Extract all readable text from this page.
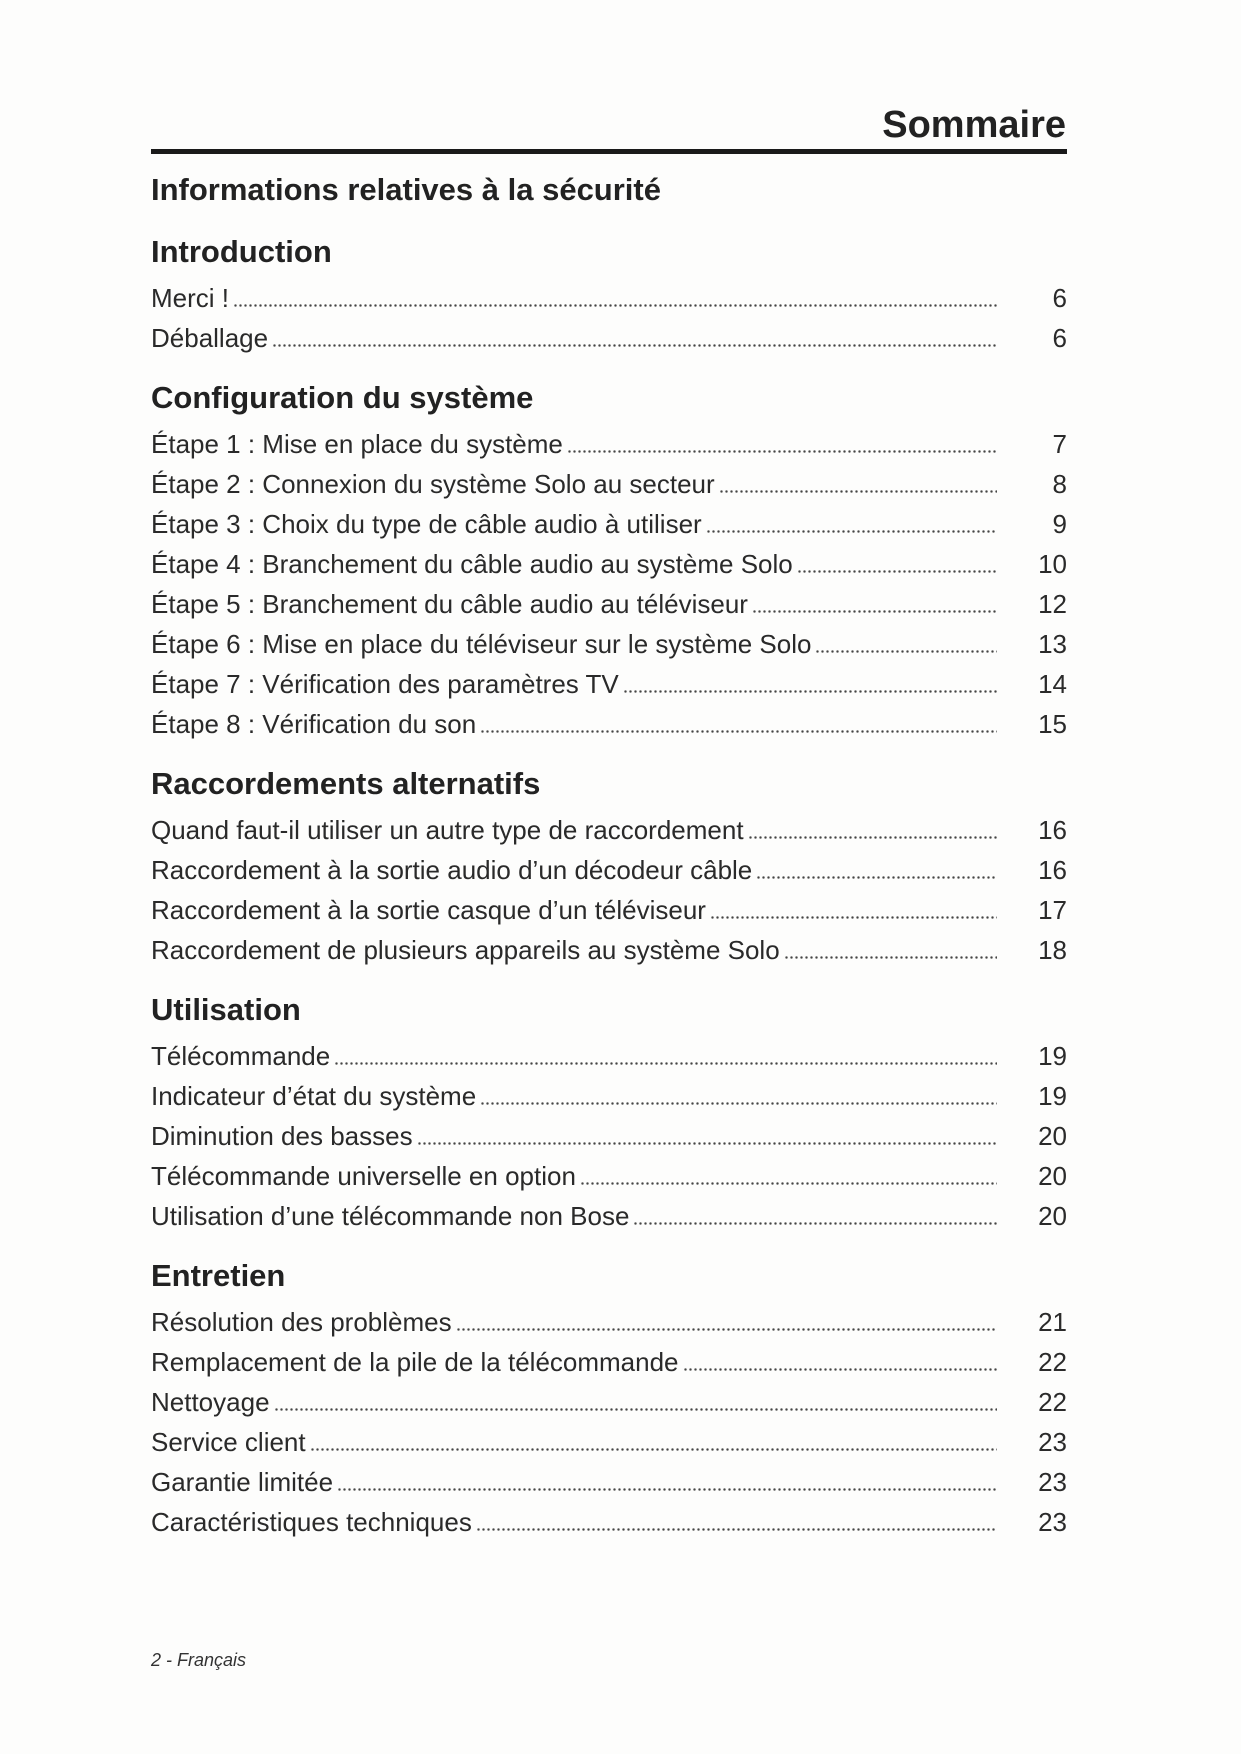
Sommaire
Informations relatives à la sécurité
Introduction
Merci !	6
Déballage	6
Configuration du système
Étape 1 : Mise en place du système	7
Étape 2 : Connexion du système Solo au secteur	8
Étape 3 : Choix du type de câble audio à utiliser	9
Étape 4 : Branchement du câble audio au système Solo	10
Étape 5 : Branchement du câble audio au téléviseur	12
Étape 6 : Mise en place du téléviseur sur le système Solo	13
Étape 7 : Vérification des paramètres TV	14
Étape 8 : Vérification du son	15
Raccordements alternatifs
Quand faut-il utiliser un autre type de raccordement	16
Raccordement à la sortie audio d’un décodeur câble	16
Raccordement à la sortie casque d’un téléviseur	17
Raccordement de plusieurs appareils au système Solo	18
Utilisation
Télécommande	19
Indicateur d’état du système	19
Diminution des basses	20
Télécommande universelle en option	20
Utilisation d’une télécommande non Bose	20
Entretien
Résolution des problèmes	21
Remplacement de la pile de la télécommande	22
Nettoyage	22
Service client	23
Garantie limitée	23
Caractéristiques techniques	23
2 - Français
